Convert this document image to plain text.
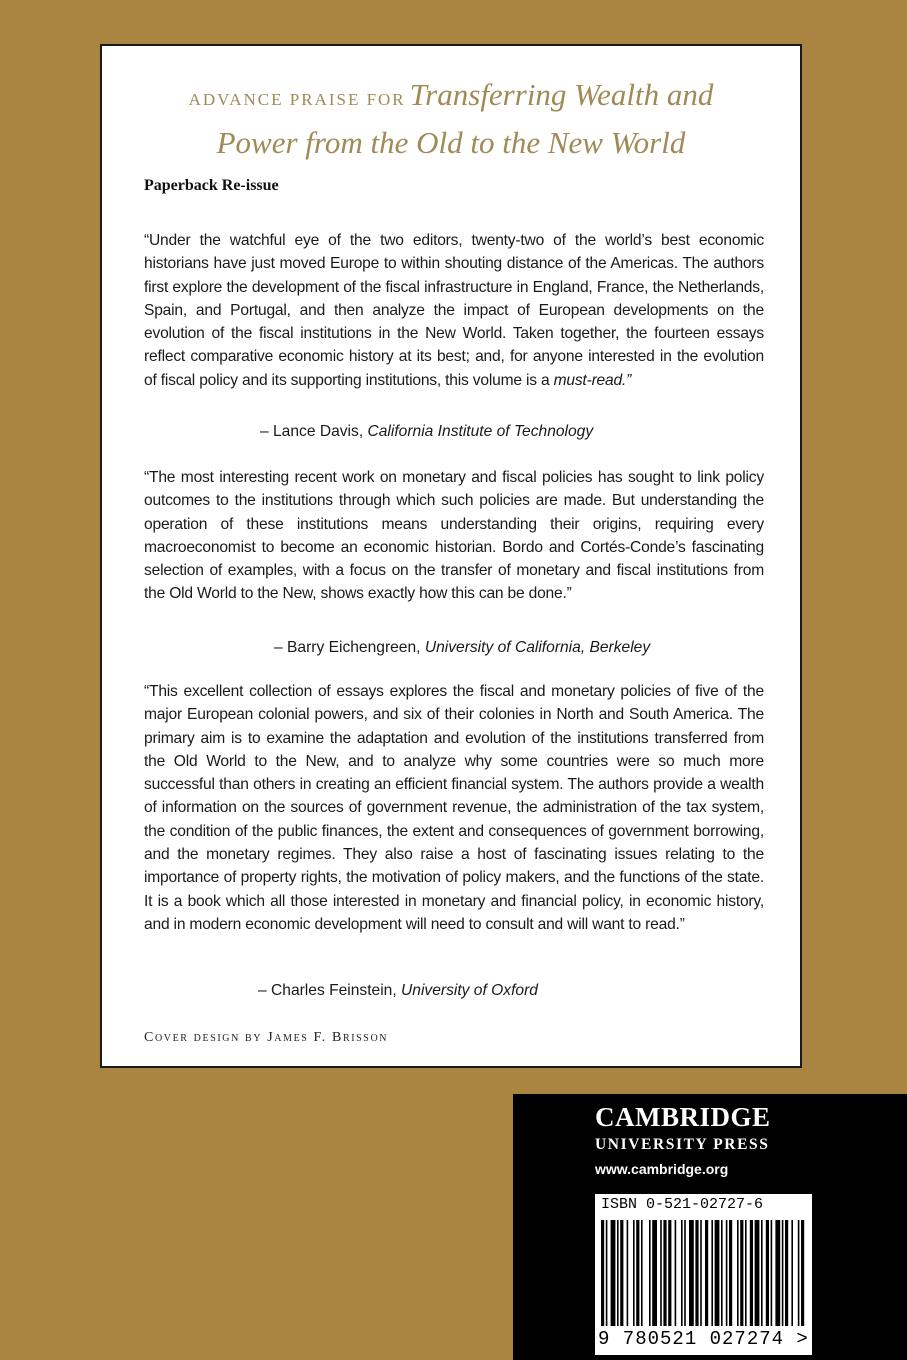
ADVANCE PRAISE FOR Transferring Wealth and
Power from the Old to the New World
Paperback Re-issue
“Under the watchful eye of the two editors, twenty-two of the world’s best economic historians have just moved Europe to within shouting distance of the Americas. The authors first explore the development of the fiscal infrastructure in England, France, the Netherlands, Spain, and Portugal, and then analyze the impact of European developments on the evolution of the fiscal institutions in the New World. Taken together, the fourteen essays reflect comparative economic history at its best; and, for anyone interested in the evolution of fiscal policy and its supporting institutions, this volume is a must-read.”
– Lance Davis, California Institute of Technology
“The most interesting recent work on monetary and fiscal policies has sought to link policy outcomes to the institutions through which such policies are made. But understanding the operation of these institutions means understanding their origins, requiring every macroeconomist to become an economic historian. Bordo and Cortés-Conde’s fascinating selection of examples, with a focus on the transfer of monetary and fiscal institutions from the Old World to the New, shows exactly how this can be done.”
– Barry Eichengreen, University of California, Berkeley
“This excellent collection of essays explores the fiscal and monetary policies of five of the major European colonial powers, and six of their colonies in North and South America. The primary aim is to examine the adaptation and evolution of the institutions transferred from the Old World to the New, and to analyze why some countries were so much more successful than others in creating an efficient financial system. The authors provide a wealth of information on the sources of government revenue, the administration of the tax system, the condition of the public finances, the extent and consequences of government borrowing, and the monetary regimes. They also raise a host of fascinating issues relating to the importance of property rights, the motivation of policy makers, and the functions of the state. It is a book which all those interested in monetary and financial policy, in economic history, and in modern economic development will need to consult and will want to read.”
– Charles Feinstein, University of Oxford
Cover design by James F. Brisson
CAMBRIDGE
UNIVERSITY PRESS
www.cambridge.org
ISBN 0-521-02727-6
9 780521 027274 >
